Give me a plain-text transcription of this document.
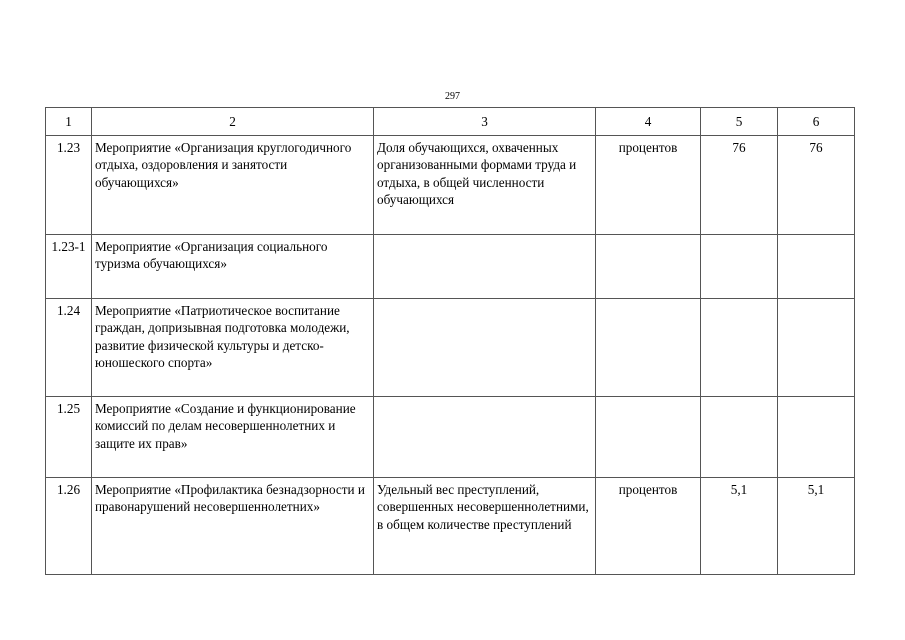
297
1	2	3	4	5	6
1.23	Мероприятие «Организация круглогодичного отдыха, оздоровления и занятости обучающихся»	Доля обучающихся, охваченных организованными формами труда и отдыха, в общей численности обучающихся	процентов	76	76
1.23-1	Мероприятие «Организация социального туризма обучающихся»				
1.24	Мероприятие «Патриотическое воспитание граждан, допризывная подготовка молодежи, развитие физической культуры и детско-юношеского спорта»				
1.25	Мероприятие «Создание и функционирование комиссий по делам несовершеннолетних и защите их прав»				
1.26	Мероприятие «Профилактика безнадзорности и правонарушений несовершеннолетних»	Удельный вес преступлений, совершенных несовершеннолетними, в общем количестве преступлений	процентов	5,1	5,1
